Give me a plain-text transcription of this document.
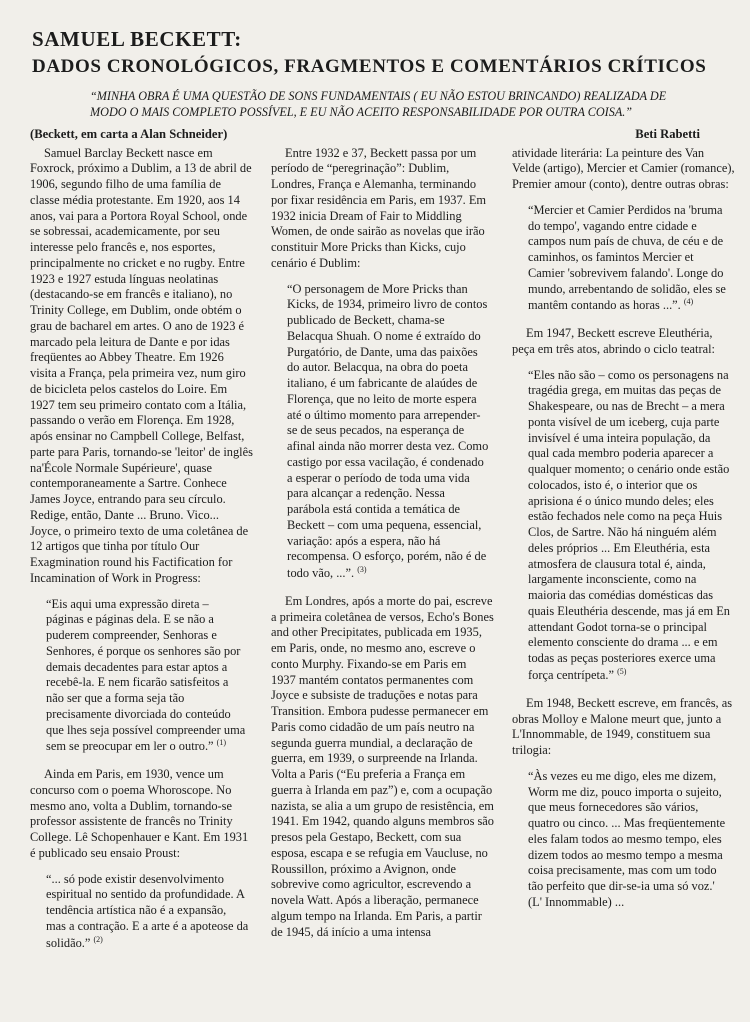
SAMUEL BECKETT:
DADOS CRONOLÓGICOS, FRAGMENTOS E COMENTÁRIOS CRÍTICOS
“MINHA OBRA É UMA QUESTÃO DE SONS FUNDAMENTAIS ( EU NÃO ESTOU BRINCANDO) REALIZADA DE MODO O MAIS COMPLETO POSSÍVEL, E EU NÃO ACEITO RESPONSABILIDADE POR OUTRA COISA.”
(Beckett, em carta a Alan Schneider)	Beti Rabetti

Samuel Barclay Beckett nasce em Foxrock, próximo a Dublim, a 13 de abril de 1906, segundo filho de uma família de classe média protestante. Em 1920, aos 14 anos, vai para a Portora Royal School, onde se sobressai, academicamente, por seu interesse pelo francês e, nos esportes, principalmente no cricket e no rugby. Entre 1923 e 1927 estuda línguas neolatinas (destacando-se em francês e italiano), no Trinity College, em Dublim, onde obtém o grau de bacharel em artes. O ano de 1923 é marcado pela leitura de Dante e por idas freqüentes ao Abbey Theatre. Em 1926 visita a França, pela primeira vez, num giro de bicicleta pelos castelos do Loire. Em 1927 tem seu primeiro contato com a Itália, passando o verão em Florença. Em 1928, após ensinar no Campbell College, Belfast, parte para Paris, tornando-se 'leitor' de inglês na'École Normale Supérieure', quase contemporaneamente a Sartre. Conhece James Joyce, entrando para seu círculo. Redige, então, Dante ... Bruno. Vico... Joyce, o primeiro texto de uma coletânea de 12 artigos que tinha por título Our Exagmination round his Factification for Incamination of Work in Progress:

“Eis aqui uma expressão direta – páginas e páginas dela. E se não a puderem compreender, Senhoras e Senhores, é porque os senhores são por demais decadentes para estar aptos a recebê-la. E nem ficarão satisfeitos a não ser que a forma seja tão precisamente divorciada do conteúdo que lhes seja possível compreender uma sem se preocupar em ler o outro.” $^{(1)}$

Ainda em Paris, em 1930, vence um concurso com o poema Whoroscope. No mesmo ano, volta a Dublim, tornando-se professor assistente de francês no Trinity College. Lê Schopenhauer e Kant. Em 1931 é publicado seu ensaio Proust:

“... só pode existir desenvolvimento espiritual no sentido da profundidade. A tendência artística não é a expansão, mas a contração. E a arte é a apoteose da solidão.” $^{(2)}$

Entre 1932 e 37, Beckett passa por um período de “peregrinação”: Dublim, Londres, França e Alemanha, terminando por fixar residência em Paris, em 1937. Em 1932 inicia Dream of Fair to Middling Women, de onde sairão as novelas que irão constituir More Pricks than Kicks, cujo cenário é Dublim:

“O personagem de More Pricks than Kicks, de 1934, primeiro livro de contos publicado de Beckett, chama-se Belacqua Shuah. O nome é extraído do Purgatório, de Dante, uma das paixões do autor. Belacqua, na obra do poeta italiano, é um fabricante de alaúdes de Florença, que no leito de morte espera até o último momento para arrepender-se de seus pecados, na esperança de afinal ainda não morrer desta vez. Como castigo por essa vacilação, é condenado a esperar o período de toda uma vida para alcançar a redenção. Nessa parábola está contida a temática de Beckett – com uma pequena, essencial, variação: após a espera, não há recompensa. O esforço, porém, não é de todo vão, ...”. $^{(3)}$

Em Londres, após a morte do pai, escreve a primeira coletânea de versos, Echo's Bones and other Precipitates, publicada em 1935, em Paris, onde, no mesmo ano, escreve o conto Murphy. Fixando-se em Paris em 1937 mantém contatos permanentes com Joyce e subsiste de traduções e notas para Transition. Embora pudesse permanecer em Paris como cidadão de um país neutro na segunda guerra mundial, a declaração de guerra, em 1939, o surpreende na Irlanda. Volta a Paris (“Eu preferia a França em guerra à Irlanda em paz”) e, com a ocupação nazista, se alia a um grupo de resistência, em 1941. Em 1942, quando alguns membros são presos pela Gestapo, Beckett, com sua esposa, escapa e se refugia em Vaucluse, no Roussillon, próximo a Avignon, onde sobrevive como agricultor, escrevendo a novela Watt. Após a liberação, permanece algum tempo na Irlanda. Em Paris, a partir de 1945, dá início a uma intensa

atividade literária: La peinture des Van Velde (artigo), Mercier et Camier (romance), Premier amour (conto), dentre outras obras:

“Mercier et Camier Perdidos na 'bruma do tempo', vagando entre cidade e campos num país de chuva, de céu e de caminhos, os famintos Mercier et Camier 'sobrevivem falando'. Longe do mundo, arrebentando de solidão, eles se mantêm contando as horas ...”. $^{(4)}$

Em 1947, Beckett escreve Eleuthéria, peça em três atos, abrindo o ciclo teatral:

“Eles não são – como os personagens na tragédia grega, em muitas das peças de Shakespeare, ou nas de Brecht – a mera ponta visível de um iceberg, cuja parte invisível é uma inteira população, da qual cada membro poderia aparecer a qualquer momento; o cenário onde estão colocados, isto é, o interior que os aprisiona é o único mundo deles; eles estão fechados nele como na peça Huis Clos, de Sartre. Não há ninguém além deles próprios ... Em Eleuthéria, esta atmosfera de clausura total é, ainda, largamente inconsciente, como na maioria das comédias domésticas das quais Eleuthéria descende, mas já em En attendant Godot torna-se o principal elemento consciente do drama ... e em todas as peças posteriores exerce uma força centrípeta.” $^{(5)}$

Em 1948, Beckett escreve, em francês, as obras Molloy e Malone meurt que, junto a L'Innommable, de 1949, constituem sua trilogia:

“Às vezes eu me digo, eles me dizem, Worm me diz, pouco importa o sujeito, que meus fornecedores são vários, quatro ou cinco. ... Mas freqüentemente eles falam todos ao mesmo tempo, eles dizem todos ao mesmo tempo a mesma coisa precisamente, mas com um todo tão perfeito que dir-se-ia uma só voz.' (L' Innommable) ...
